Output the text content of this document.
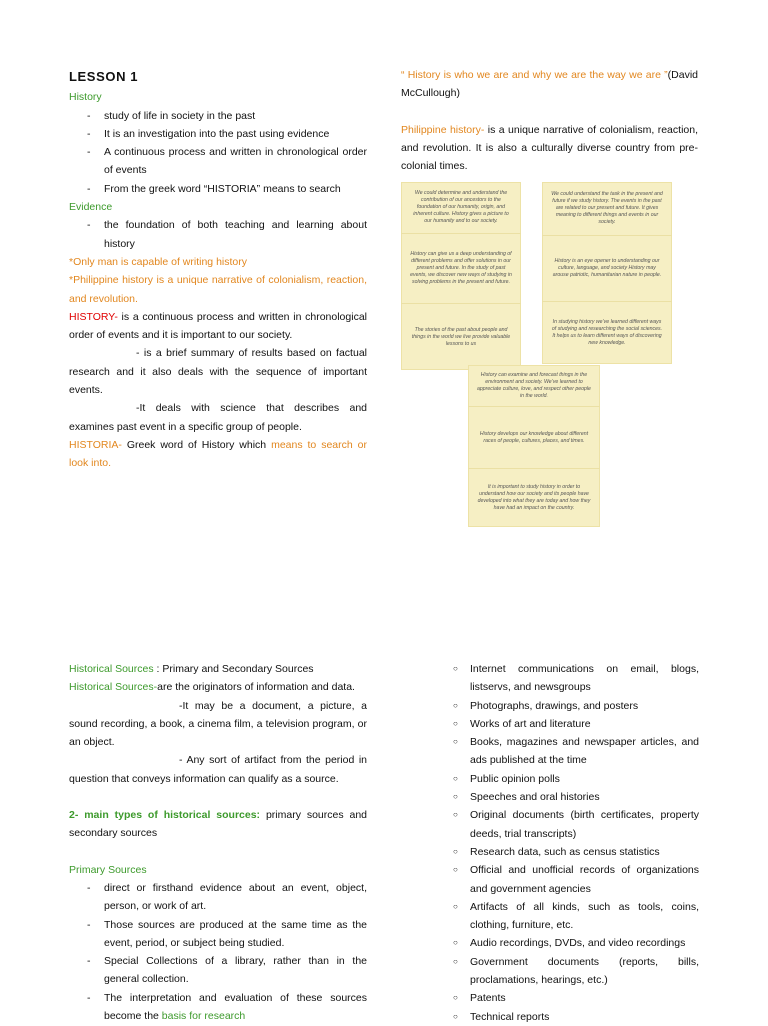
LESSON 1
History
- study of life in society in the past
- It is an investigation into the past using evidence
- A continuous process and written in chronological order of events
- From the greek word “HISTORIA” means to search
Evidence
- the foundation of both teaching and learning about history
*Only man is capable of writing history
*Philippine history is a unique narrative of colonialism, reaction, and revolution.
HISTORY- is a continuous process and written in chronological order of events and it is important to our society.
- is a brief summary of results based on factual research and it also deals with the sequence of important events.
-It deals with science that describes and examines past event in a specific group of people.
HISTORIA- Greek word of History which means to search or look into.
“ History is who we are and why we are the way we are ”(David McCullough)
Philippine history- is a unique narrative of colonialism, reaction, and revolution. It is also a culturally diverse country from pre-colonial times.
We could determine and understand the contribution of our ancestors to the foundation of our humanity, origin, and inherent culture. History gives a picture to our humanity and to our society.
History can give us a deep understanding of different problems and offer solutions in our present and future. In the study of past events, we discover new ways of studying in solving problems in the present and future.
The stories of the past about people and things in the world we live provide valuable lessons to us
We could understand the task in the present and future if we study history. The events in the past are related to our present and future. It gives meaning to different things and events in our society.
History is an eye opener to understanding our culture, language, and society History may arouse patriotic, humanitarian nature in people.
In studying history we’ve learned different ways of studying and researching the social sciences. It helps us to learn different ways of discovering new knowledge.
History can examine and forecast things in the environment and society. We’ve learned to appreciate culture, love, and respect other people in the world.
History develops our knowledge about different races of people, cultures, places, and times.
It is important to study history in order to understand how our society and its people have developed into what they are today and how they have had an impact on the country.
Historical Sources : Primary and Secondary Sources
Historical Sources-are the originators of information and data.
-It may be a document, a picture, a sound recording, a book, a cinema film, a television program, or an object.
- Any sort of artifact from the period in question that conveys information can qualify as a source.
2- main types of historical sources: primary sources and secondary sources
Primary Sources
- direct or firsthand evidence about an event, object, person, or work of art.
- Those sources are produced at the same time as the event, period, or subject being studied.
- Special Collections of a library, rather than in the general collection.
- The interpretation and evaluation of these sources become the basis for research
○ Internet communications on email, blogs, listservs, and newsgroups
○ Photographs, drawings, and posters
○ Works of art and literature
○ Books, magazines and newspaper articles, and ads published at the time
○ Public opinion polls
○ Speeches and oral histories
○ Original documents (birth certificates, property deeds, trial transcripts)
○ Research data, such as census statistics
○ Official and unofficial records of organizations and government agencies
○ Artifacts of all kinds, such as tools, coins, clothing, furniture, etc.
○ Audio recordings, DVDs, and video recordings
○ Government documents (reports, bills, proclamations, hearings, etc.)
○ Patents
○ Technical reports
